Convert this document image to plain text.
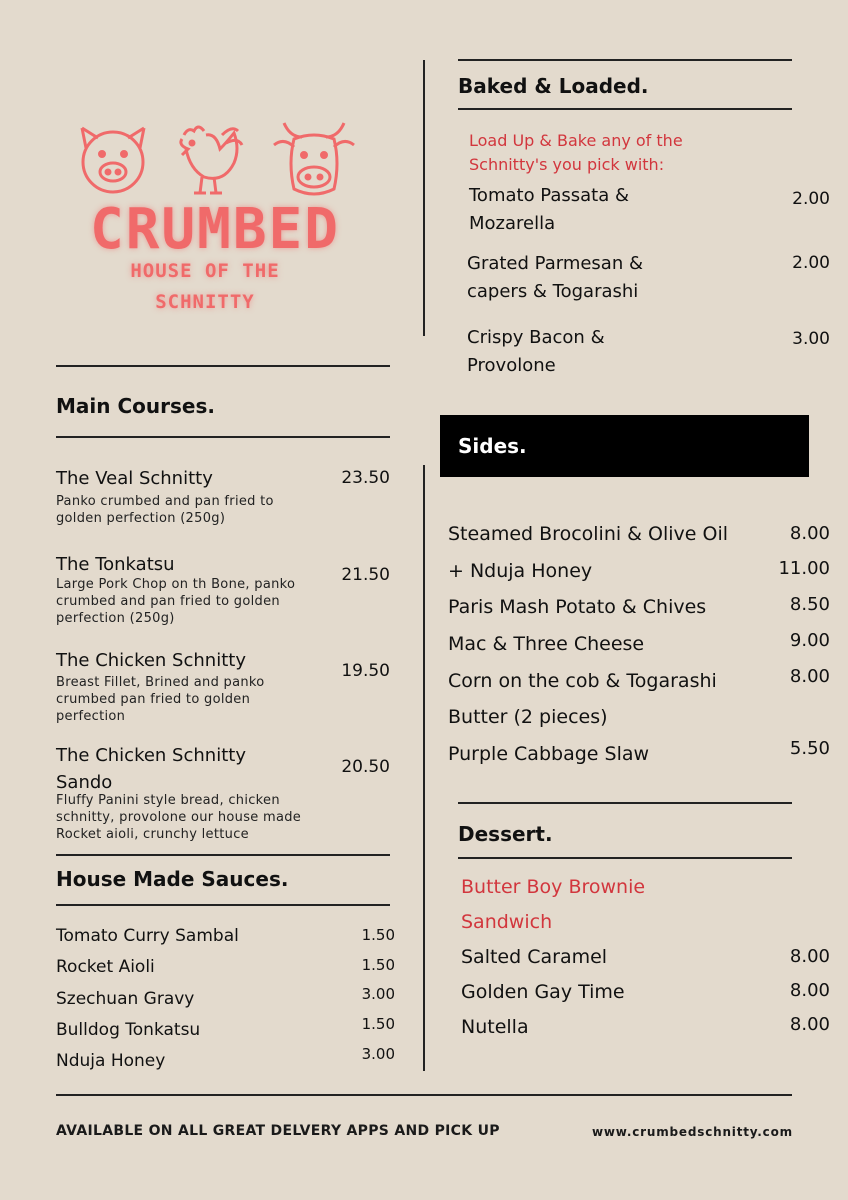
CRUMBED
HOUSE OF THE
SCHNITTY
Baked & Loaded.
Load Up & Bake any of the
Schnitty's you pick with:
Tomato Passata &
Mozarella
2.00
Grated Parmesan &
capers & Togarashi
2.00
Crispy Bacon &
Provolone
3.00
Main Courses.
The Veal Schnitty	23.50
Panko crumbed and pan fried to
golden perfection (250g)
The Tonkatsu	21.50
Large Pork Chop on th Bone, panko
crumbed and pan fried to golden
perfection (250g)
The Chicken Schnitty	19.50
Breast Fillet, Brined and panko
crumbed pan fried to golden
perfection
The Chicken Schnitty
Sando
20.50
Fluffy Panini style bread, chicken
schnitty, provolone our house made
Rocket aioli, crunchy lettuce
House Made Sauces.
Tomato Curry Sambal	1.50
Rocket Aioli	1.50
Szechuan Gravy	3.00
Bulldog Tonkatsu	1.50
Nduja Honey	3.00
Sides.
Steamed Brocolini & Olive Oil	8.00
+ Nduja Honey	11.00
Paris Mash Potato & Chives	8.50
Mac & Three Cheese	9.00
Corn on the cob & Togarashi	8.00
Butter (2 pieces)
Purple Cabbage Slaw	5.50
Dessert.
Butter Boy Brownie
Sandwich
Salted Caramel	8.00
Golden Gay Time	8.00
Nutella	8.00
AVAILABLE ON ALL GREAT DELVERY APPS AND PICK UP	www.crumbedschnitty.com
